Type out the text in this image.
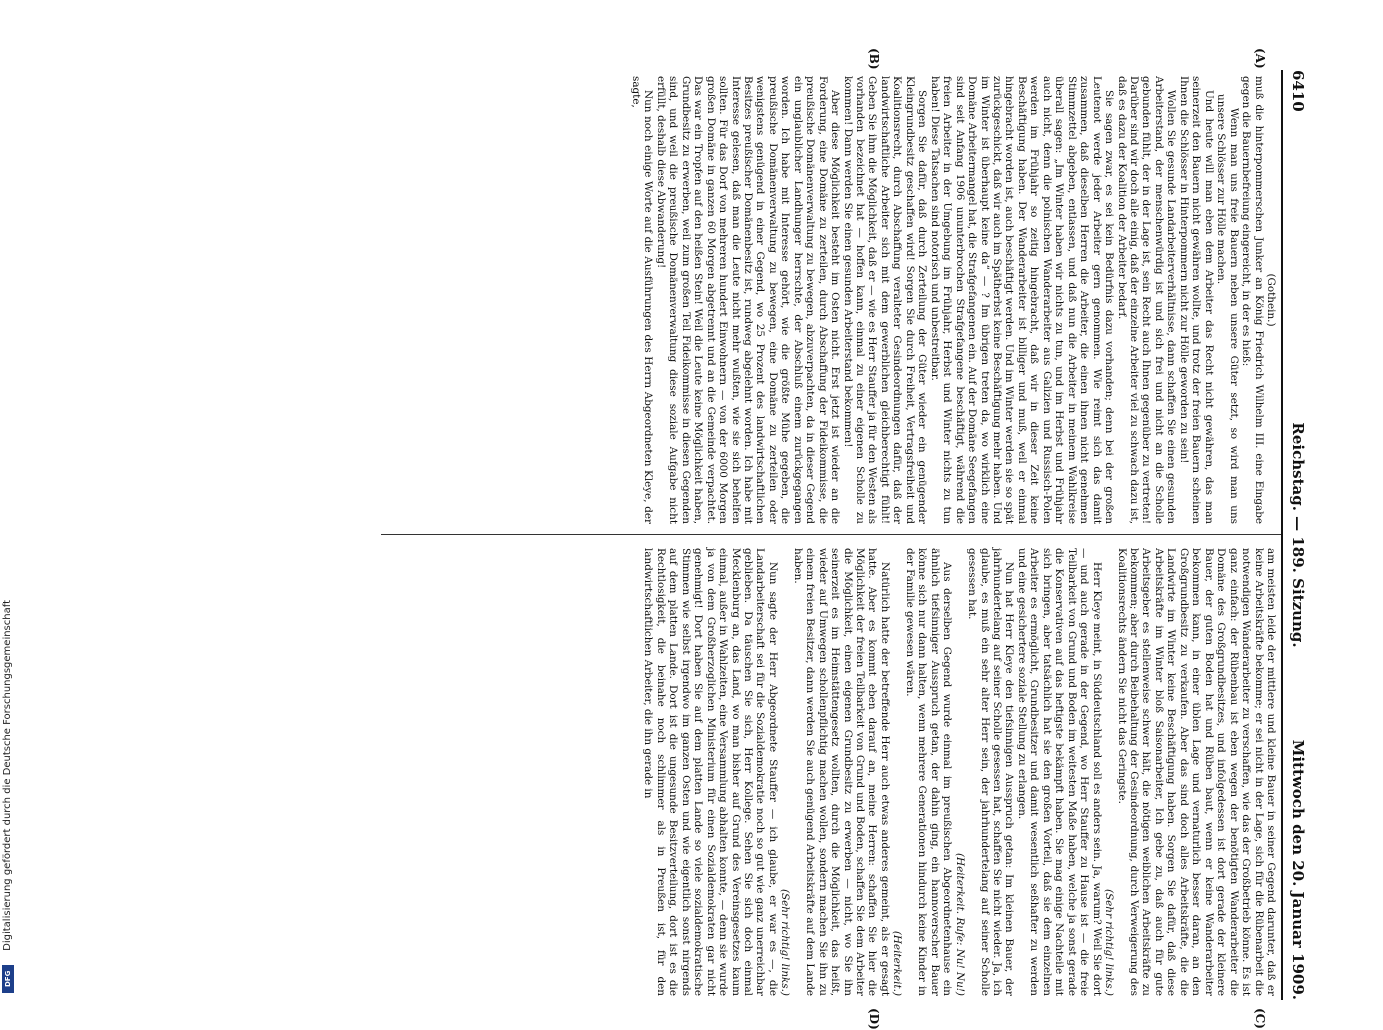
6410
Reichstag. — 189. Sitzung.
Mittwoch den 20. Januar 1909.
(A)
(B)
(C)
(D)

(Gothein.)

muß die hinterpommerschen Junker an König Friedrich Wilhelm III. eine Eingabe gegen die Bauernbefreiung eingereicht, in der es hieß:

Wenn man uns freie Bauern neben unsere Güter setzt, so wird man uns unsere Schlösser zur Hölle machen.

Und heute will man eben dem Arbeiter das Recht nicht gewähren, das man seinerzeit den Bauern nicht gewähren wollte, und trotz der freien Bauern scheinen Ihnen die Schlösser in Hinterpommern nicht zur Hölle geworden zu sein!

Wollen Sie gesunde Landarbeiterverhältnisse, dann schaffen Sie einen gesunden Arbeiterstand, der menschenwürdig ist und sich frei und nicht an die Scholle gebunden fühlt, der in der Lage ist, sein Recht auch Ihnen gegenüber zu vertreten! Darüber sind wir doch alle einig, daß der einzelne Arbeiter viel zu schwach dazu ist, daß es dazu der Koalition der Arbeiter bedarf.

Sie sagen zwar, es sei kein Bedürfnis dazu vorhanden; denn bei der großen Leutenot werde jeder Arbeiter gern genommen. Wie reimt sich das damit zusammen, daß dieselben Herren die Arbeiter, die einen ihnen nicht genehmen Stimmzettel abgeben, entlassen, und daß nun die Arbeiter in meinem Wahlkreise überall sagen: „Im Winter haben wir nichts zu tun, und im Herbst und Frühjahr auch nicht, denn die polnischen Wanderarbeiter aus Galizien und Russisch-Polen werden im Frühjahr so zeitig hingebracht, daß wir in dieser Zeit keine Beschäftigung haben. Der Wanderarbeiter ist billiger und muß, weil er einmal hingebracht worden ist, auch beschäftigt werden. Und im Winter werden sie so spät zurückgeschickt, daß wir auch im Spätherbst keine Beschäftigung mehr haben. Und im Winter ist überhaupt keine da“ — ? Im übrigen treten da, wo wirklich eine Domäne Arbeitermangel hat, die Strafgefangenen ein. Auf der Domäne Seegefangen sind seit Anfang 1906 ununterbrochen Strafgefangene beschäftigt, während die freien Arbeiter in der Umgebung im Frühjahr, Herbst und Winter nichts zu tun haben! Diese Tatsachen sind notorisch und unbestreitbar.

Sorgen Sie dafür, daß durch Zerteilung der Güter wieder ein genügender Kleingrundbesitz geschaffen wird! Sorgen Sie durch Freiheit, Vertragsfreiheit und Koalitionsrecht, durch Abschaffung veralteter Gesindeordnungen dafür, daß der landwirtschaftliche Arbeiter sich mit dem gewerblichen gleichberechtigt fühlt! Geben Sie ihm die Möglichkeit, daß er — wie es Herr Stauffer ja für den Westen als vorhanden bezeichnet hat — hoffen kann, einmal zu einer eigenen Scholle zu kommen! Dann werden Sie einen gesunden Arbeiterstand bekommen!

Aber diese Möglichkeit besteht im Osten nicht. Erst jetzt ist wieder an die Forderung, eine Domäne zu zerteilen, durch Abschaffung der Fideikommisse, die preußische Domänenverwaltung zu bewegen, abzuverpachten, da in dieser Gegend ein unglaublicher Landhunger herrschte, der Abschluß einem zurückgegangen worden. Ich habe mit Interesse gehört, wie die größte Mühe gegeben, die preußische Domänenverwaltung zu bewegen, eine Domäne zu zerteilen oder wenigstens genügend in einer Gegend, wo 25 Prozent des landwirtschaftlichen Besitzes preußischer Domänenbesitz ist, rundweg abgelehnt worden. Ich habe mit Interesse gelesen, daß man die Leute nicht mehr wußten, wie sie sich behelfen sollten. Für das Dorf von mehreren hundert Einwohnern — von der 6000 Morgen großen Domäne in ganzen 60 Morgen abgetrennt und an die Gemeinde verpachtet. Das war ein Tropfen auf den heißen Stein! Weil die Leute keine Möglichkeit haben, Grundbesitz zu erwerben, weil zum großen Teil Fideikommisse in diesen Gegenden sind, und weil die preußische Domänenverwaltung diese soziale Aufgabe nicht erfüllt, deshalb diese Abwanderung!

Nun noch einige Worte auf die Ausführungen des Herrn Abgeordneten Kleye, der sagte,

am meisten leide der mittlere und kleine Bauer in seiner Gegend darunter, daß er keine Arbeitskräfte bekomme; er sei nicht in der Lage, sich für die Rübenarbeit die notwendigen Wanderarbeiter zu verschaffen, wie das der Großbetrieb könne. Es ist ganz einfach: der Rübenbau ist eben wegen der benötigten Wanderarbeiter die Domäne des Großgrundbesitzes, und infolgedessen ist dort gerade der kleinere Bauer, der guten Boden hat und Rüben baut, wenn er keine Wanderarbeiter bekommen kann, in einer üblen Lage und vernaturlich besser daran, an den Großgrundbesitz zu verkaufen. Aber das sind doch alles Arbeitskräfte, die die Landwirte im Winter keine Beschäftigung haben. Sorgen Sie dafür, daß diese Arbeitskräfte im Winter bloß Saisonarbeiter, Ich gebe zu, daß auch für gute Arbeitsgeber es stellenweise schwer hält, die nötigen weiblichen Arbeitskräfte zu bekommen; aber durch Beibehaltung der Gesindeordnung, durch Verweigerung des Koalitionsrechts ändern Sie nicht das Geringste.

(Sehr richtig! links.)

Herr Kleye meint, in Süddeutschland soll es anders sein. Ja, warum? Weil Sie dort — und auch gerade in der Gegend, wo Herr Stauffer zu Hause ist — die freie Teilbarkeit von Grund und Boden im weitesten Maße haben, welche ja sonst gerade die Konservativen auf das heftigste bekämpft haben. Sie mag einige Nachteile mit sich bringen, aber tatsächlich hat sie den großen Vorteil, daß sie dem einzelnen Arbeiter es ermöglicht, Grundbesitzer und damit wesentlich seßhafter zu werden und eine gesichertere soziale Stellung zu erlangen.

Nun hat Herr Kleye den tiefsinnigen Ausspruch getan: Im kleinen Bauer, der jahrhundertelang auf seiner Scholle gesessen hat, schaffen Sie nicht wieder. Ja, ich glaube, es muß ein sehr alter Herr sein, der jahrhundertelang auf seiner Scholle gesessen hat.

(Heiterkeit. Rufe: Nu! Nu!)

Aus derselben Gegend wurde einmal im preußischen Abgeordnetenhause ein ähnlich tiefsinniger Ausspruch getan, der dahin ging, ein hannoverscher Bauer könne sich nur dann halten, wenn mehrere Generationen hindurch keine Kinder in der Familie gewesen wären.

(Heiterkeit.)

Natürlich hatte der betreffende Herr auch etwas anderes gemeint, als er gesagt hatte. Aber es kommt eben darauf an, meine Herren: schaffen Sie hier die Möglichkeit der freien Teilbarkeit von Grund und Boden, schaffen Sie dem Arbeiter die Möglichkeit, einen eigenen Grundbesitz zu erwerben — nicht, wo Sie ihn seinerzeit es im Heimstättengesetz wollten, durch die Möglichkeit, das heißt, wieder auf Umwegen schollenpflichtig machen wollen, sondern machen Sie ihn zu einem freien Besitzer, dann werden Sie auch genügend Arbeitskräfte auf dem Lande haben.

(Sehr richtig! links.)

Nun sagte der Herr Abgeordnete Stauffer — ich glaube, er war es —, die Landarbeiterschaft sei für die Sozialdemokratie noch so gut wie ganz unerreichbar geblieben. Da täuschen Sie sich, Herr Kollege. Sehen Sie sich doch einmal Mecklenburg an, das Land, wo man bisher auf Grund des Vereinsgesetzes kaum einmal, außer in Wahlzeiten, eine Versammlung abhalten konnte, — denn sie wurde ja von dem Großherzoglichen Ministerium für einen Sozialdemokraten gar nicht genehmigt! Dort haben Sie auf dem platten Lande so viele sozialdemokratische Stimmen wie selbst irgendwo im ganzen Osten und wie eigentlich sonst nirgends auf dem platten Lande. Dort ist die ungesunde Besitzverteilung, dort ist es die Rechtlosigkeit, die beinahe noch schlimmer als in Preußen ist, für den landwirtschaftlichen Arbeiter, die ihn gerade in

Digitalisierung gefördert durch die Deutsche Forschungsgemeinschaft
DFG
